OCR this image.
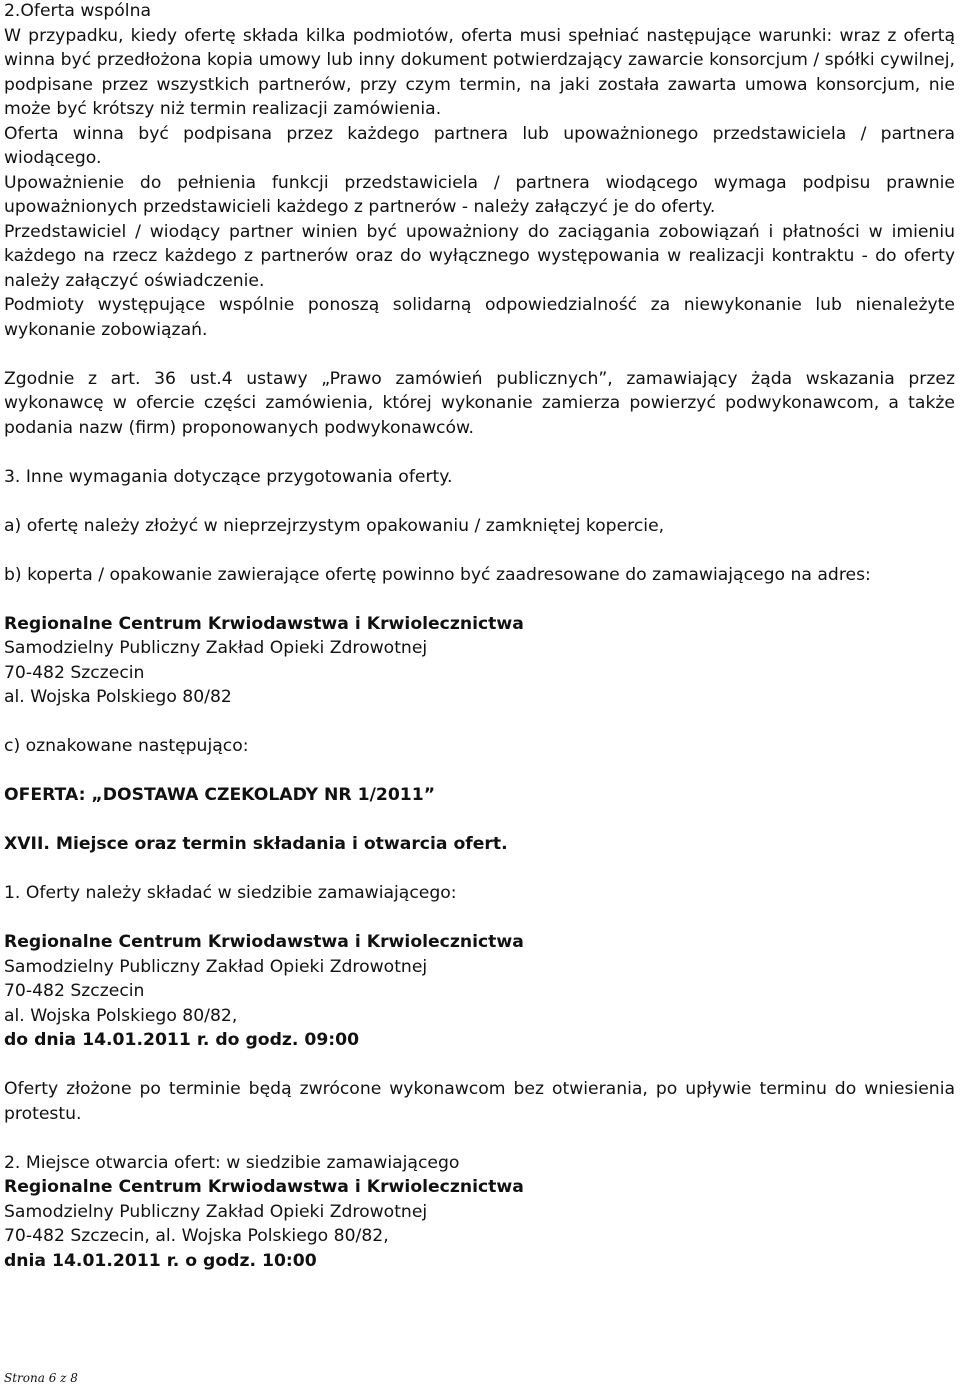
2.Oferta wspólna

W przypadku, kiedy ofertę składa kilka podmiotów, oferta musi spełniać następujące warunki: wraz z ofertą winna być przedłożona kopia umowy lub inny dokument potwierdzający zawarcie konsorcjum / spółki cywilnej, podpisane przez wszystkich partnerów, przy czym termin, na jaki została zawarta umowa konsorcjum, nie może być krótszy niż termin realizacji zamówienia.

Oferta winna być podpisana przez każdego partnera lub upoważnionego przedstawiciela / partnera wiodącego.

Upoważnienie do pełnienia funkcji przedstawiciela / partnera wiodącego wymaga podpisu prawnie upoważnionych przedstawicieli każdego z partnerów - należy załączyć je do oferty.

Przedstawiciel / wiodący partner winien być upoważniony do zaciągania zobowiązań i płatności w imieniu każdego na rzecz każdego z partnerów oraz do wyłącznego występowania w realizacji kontraktu - do oferty należy załączyć oświadczenie.

Podmioty występujące wspólnie ponoszą solidarną odpowiedzialność za niewykonanie lub nienależyte wykonanie zobowiązań.

Zgodnie z art. 36 ust.4 ustawy „Prawo zamówień publicznych”, zamawiający żąda wskazania przez wykonawcę w ofercie części zamówienia, której wykonanie zamierza powierzyć podwykonawcom, a także podania nazw (firm) proponowanych podwykonawców.

3. Inne wymagania dotyczące przygotowania oferty.

a) ofertę należy złożyć w nieprzejrzystym opakowaniu / zamkniętej kopercie,

b) koperta / opakowanie zawierające ofertę powinno być zaadresowane do zamawiającego na adres:

Regionalne Centrum Krwiodawstwa i Krwiolecznictwa

Samodzielny Publiczny Zakład Opieki Zdrowotnej

70-482 Szczecin

al. Wojska Polskiego 80/82

c) oznakowane następująco:

OFERTA: „DOSTAWA CZEKOLADY NR 1/2011”

XVII. Miejsce oraz termin składania i otwarcia ofert.

1. Oferty należy składać w siedzibie zamawiającego:

Regionalne Centrum Krwiodawstwa i Krwiolecznictwa

Samodzielny Publiczny Zakład Opieki Zdrowotnej

70-482 Szczecin

al. Wojska Polskiego 80/82,

do dnia 14.01.2011 r. do godz. 09:00

Oferty złożone po terminie będą zwrócone wykonawcom bez otwierania, po upływie terminu do wniesienia protestu.

2. Miejsce otwarcia ofert: w siedzibie zamawiającego

Regionalne Centrum Krwiodawstwa i Krwiolecznictwa

Samodzielny Publiczny Zakład Opieki Zdrowotnej

70-482 Szczecin, al. Wojska Polskiego 80/82,

dnia 14.01.2011 r. o godz. 10:00

Strona 6 z 8
